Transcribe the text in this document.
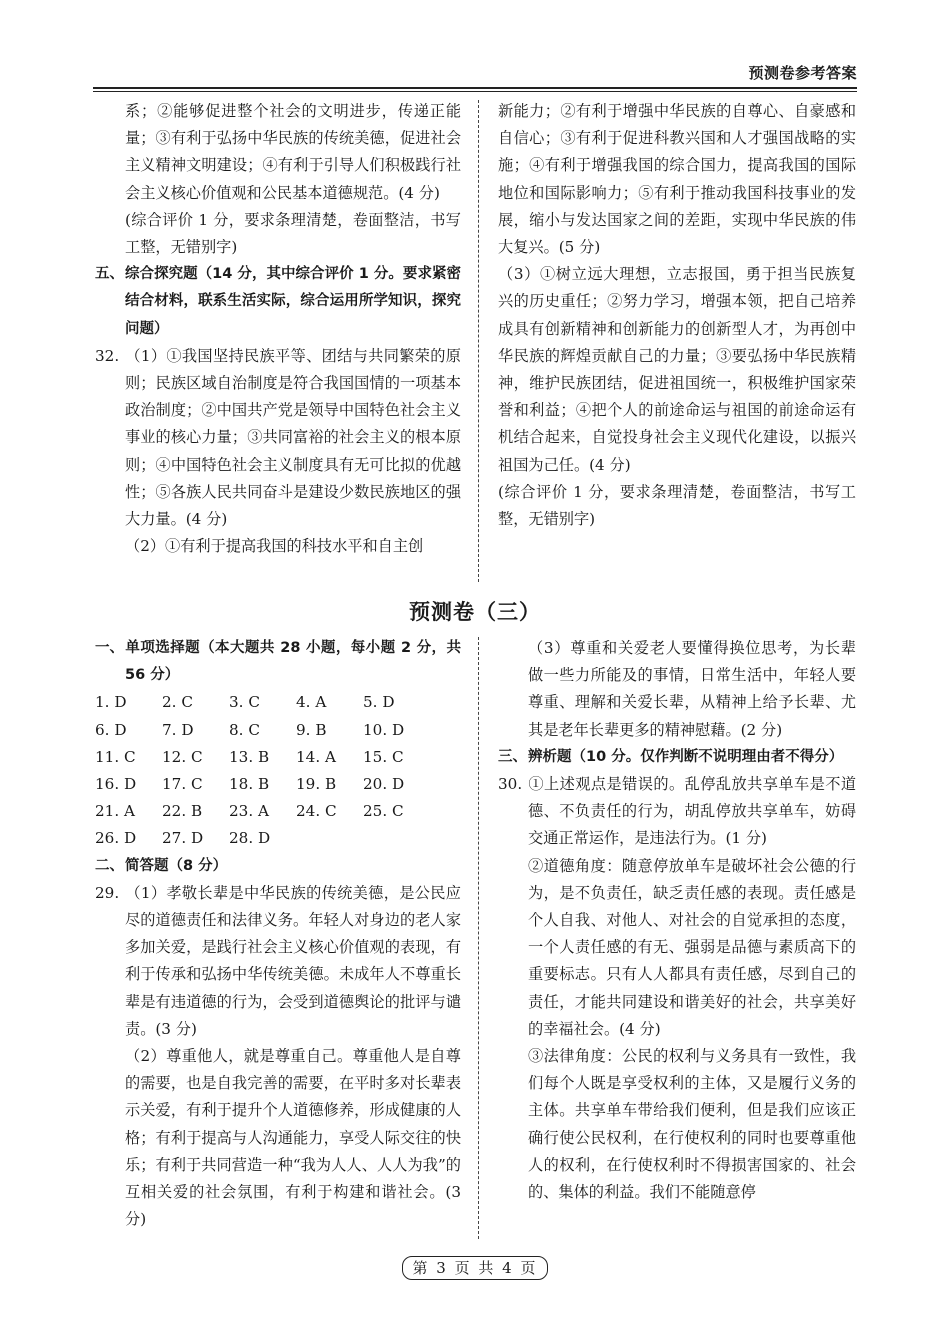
预测卷参考答案

系；②能够促进整个社会的文明进步，传递正能量；③有利于弘扬中华民族的传统美德，促进社会主义精神文明建设；④有利于引导人们积极践行社会主义核心价值观和公民基本道德规范。(4 分)

(综合评价 1 分，要求条理清楚，卷面整洁，书写工整，无错别字)

五、综合探究题（14 分，其中综合评价 1 分。要求紧密结合材料，联系生活实际，综合运用所学知识，探究问题）

32. （1）①我国坚持民族平等、团结与共同繁荣的原则；民族区域自治制度是符合我国国情的一项基本政治制度；②中国共产党是领导中国特色社会主义事业的核心力量；③共同富裕的社会主义的根本原则；④中国特色社会主义制度具有无可比拟的优越性；⑤各族人民共同奋斗是建设少数民族地区的强大力量。(4 分)

（2）①有利于提高我国的科技水平和自主创

新能力；②有利于增强中华民族的自尊心、自豪感和自信心；③有利于促进科教兴国和人才强国战略的实施；④有利于增强我国的综合国力，提高我国的国际地位和国际影响力；⑤有利于推动我国科技事业的发展，缩小与发达国家之间的差距，实现中华民族的伟大复兴。(5 分)

（3）①树立远大理想，立志报国，勇于担当民族复兴的历史重任；②努力学习，增强本领，把自己培养成具有创新精神和创新能力的创新型人才，为再创中华民族的辉煌贡献自己的力量；③要弘扬中华民族精神，维护民族团结，促进祖国统一，积极维护国家荣誉和利益；④把个人的前途命运与祖国的前途命运有机结合起来，自觉投身社会主义现代化建设，以振兴祖国为己任。(4 分)

(综合评价 1 分，要求条理清楚，卷面整洁，书写工整，无错别字)

预测卷（三）

一、单项选择题（本大题共 28 小题，每小题 2 分，共 56 分）

1. D	2. C	3. C	4. A	5. D
6. D	7. D	8. C	9. B	10. D
11. C	12. C	13. B	14. A	15. C
16. D	17. C	18. B	19. B	20. D
21. A	22. B	23. A	24. C	25. C
26. D	27. D	28. D

二、简答题（8 分）

29. （1）孝敬长辈是中华民族的传统美德，是公民应尽的道德责任和法律义务。年轻人对身边的老人家多加关爱，是践行社会主义核心价值观的表现，有利于传承和弘扬中华传统美德。未成年人不尊重长辈是有违道德的行为，会受到道德舆论的批评与谴责。(3 分)

（2）尊重他人，就是尊重自己。尊重他人是自尊的需要，也是自我完善的需要，在平时多对长辈表示关爱，有利于提升个人道德修养，形成健康的人格；有利于提高与人沟通能力，享受人际交往的快乐；有利于共同营造一种“我为人人、人人为我”的互相关爱的社会氛围，有利于构建和谐社会。(3 分)

（3）尊重和关爱老人要懂得换位思考，为长辈做一些力所能及的事情，日常生活中，年轻人要尊重、理解和关爱长辈，从精神上给予长辈、尤其是老年长辈更多的精神慰藉。(2 分)

三、辨析题（10 分。仅作判断不说明理由者不得分）

30. ①上述观点是错误的。乱停乱放共享单车是不道德、不负责任的行为，胡乱停放共享单车，妨碍交通正常运作，是违法行为。(1 分)

②道德角度：随意停放单车是破坏社会公德的行为，是不负责任，缺乏责任感的表现。责任感是个人自我、对他人、对社会的自觉承担的态度，一个人责任感的有无、强弱是品德与素质高下的重要标志。只有人人都具有责任感，尽到自己的责任，才能共同建设和谐美好的社会，共享美好的幸福社会。(4 分)

③法律角度：公民的权利与义务具有一致性，我们每个人既是享受权利的主体，又是履行义务的主体。共享单车带给我们便利，但是我们应该正确行使公民权利，在行使权利的同时也要尊重他人的权利，在行使权利时不得损害国家的、社会的、集体的利益。我们不能随意停

第 3 页 共 4 页
